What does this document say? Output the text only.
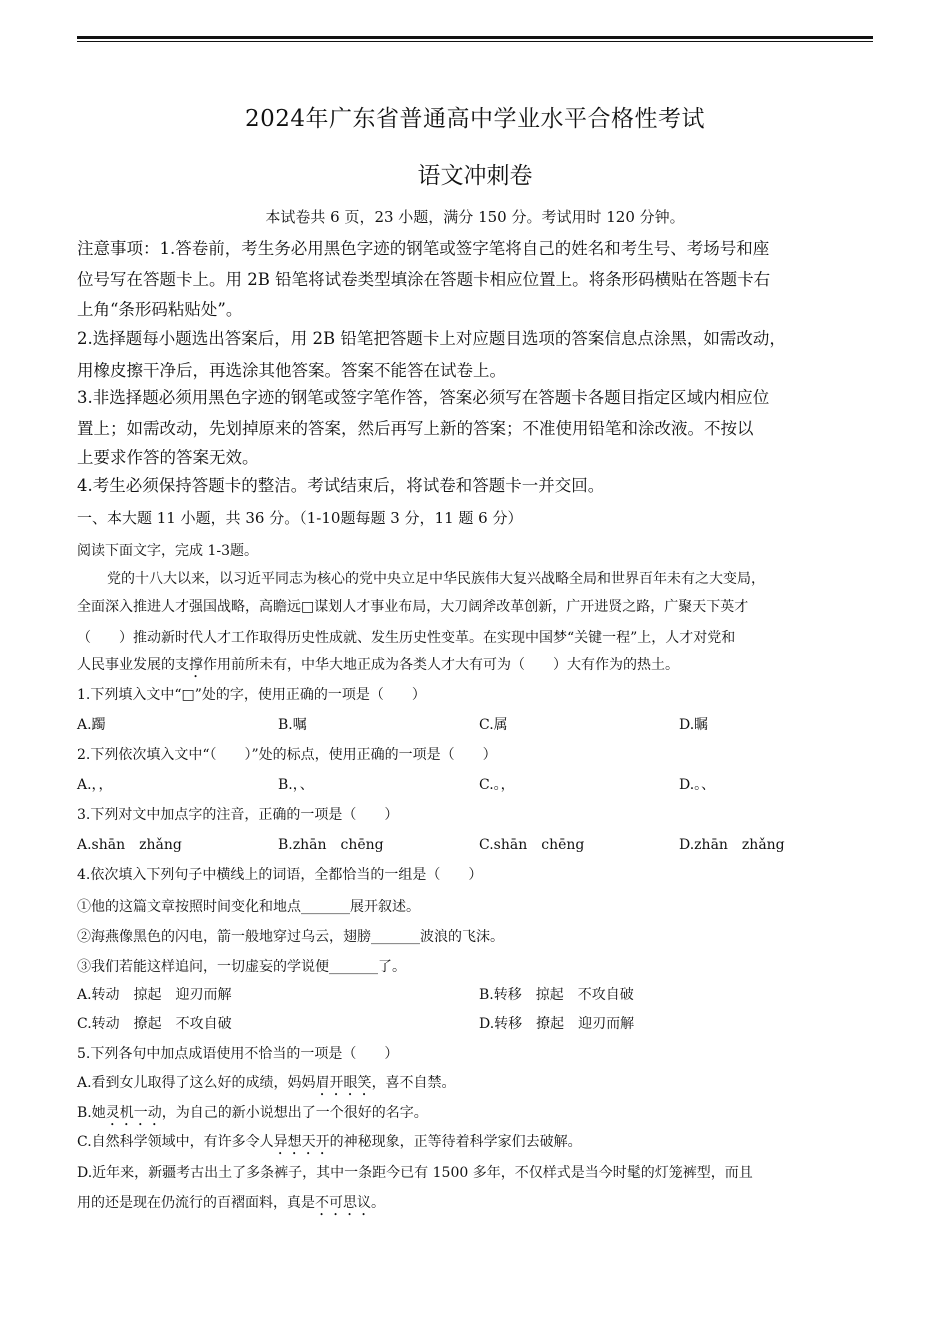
2024年广东省普通高中学业水平合格性考试
语文冲刺卷
本试卷共 6 页，23 小题，满分 150 分。考试用时 120 分钟。
注意事项：1.答卷前，考生务必用黑色字迹的钢笔或签字笔将自己的姓名和考生号、考场号和座
位号写在答题卡上。用 2B 铅笔将试卷类型填涂在答题卡相应位置上。将条形码横贴在答题卡右
上角“条形码粘贴处”。
2.选择题每小题选出答案后，用 2B 铅笔把答题卡上对应题目选项的答案信息点涂黑，如需改动，
用橡皮擦干净后，再选涂其他答案。答案不能答在试卷上。
3.非选择题必须用黑色字迹的钢笔或签字笔作答，答案必须写在答题卡各题目指定区域内相应位
置上；如需改动，先划掉原来的答案，然后再写上新的答案；不准使用铅笔和涂改液。不按以
上要求作答的答案无效。
4.考生必须保持答题卡的整洁。考试结束后，将试卷和答题卡一并交回。
一、本大题 11 小题，共 36 分。（1-10题每题 3 分，11 题 6 分）
阅读下面文字，完成 1-3题。
党的十八大以来，以习近平同志为核心的党中央立足中华民族伟大复兴战略全局和世界百年未有之大变局，
全面深入推进人才强国战略，高瞻远□谋划人才事业布局，大刀阔斧改革创新，广开进贤之路，广聚天下英才
（　　）推动新时代人才工作取得历史性成就、发生历史性变革。在实现中国梦“关键一程”上，人才对党和
人民事业发展的支撑作用前所未有，中华大地正成为各类人才大有可为（　　）大有作为的热土。
1.下列填入文中“□”处的字，使用正确的一项是（　　）
A.躅	B.嘱	C.属	D.瞩
2.下列依次填入文中“（　　）”处的标点，使用正确的一项是（　　）
A.，，	B.，、	C.。，	D.。、
3.下列对文中加点字的注音，正确的一项是（　　）
A.shān　zhǎng	B.zhān　chēng	C.shān　chēng	D.zhān　zhǎng
4.依次填入下列句子中横线上的词语，全都恰当的一组是（　　）
①他的这篇文章按照时间变化和地点_______展开叙述。
②海燕像黑色的闪电，箭一般地穿过乌云，翅膀_______波浪的飞沫。
③我们若能这样追问，一切虚妄的学说便_______了。
A.转动　掠起　迎刃而解	B.转移　掠起　不攻自破
C.转动　撩起　不攻自破	D.转移　撩起　迎刃而解
5.下列各句中加点成语使用不恰当的一项是（　　）
A.看到女儿取得了这么好的成绩，妈妈眉开眼笑，喜不自禁。
B.她灵机一动，为自己的新小说想出了一个很好的名字。
C.自然科学领域中，有许多令人异想天开的神秘现象，正等待着科学家们去破解。
D.近年来，新疆考古出土了多条裤子，其中一条距今已有 1500 多年，不仅样式是当今时髦的灯笼裤型，而且
用的还是现在仍流行的百褶面料，真是不可思议。
